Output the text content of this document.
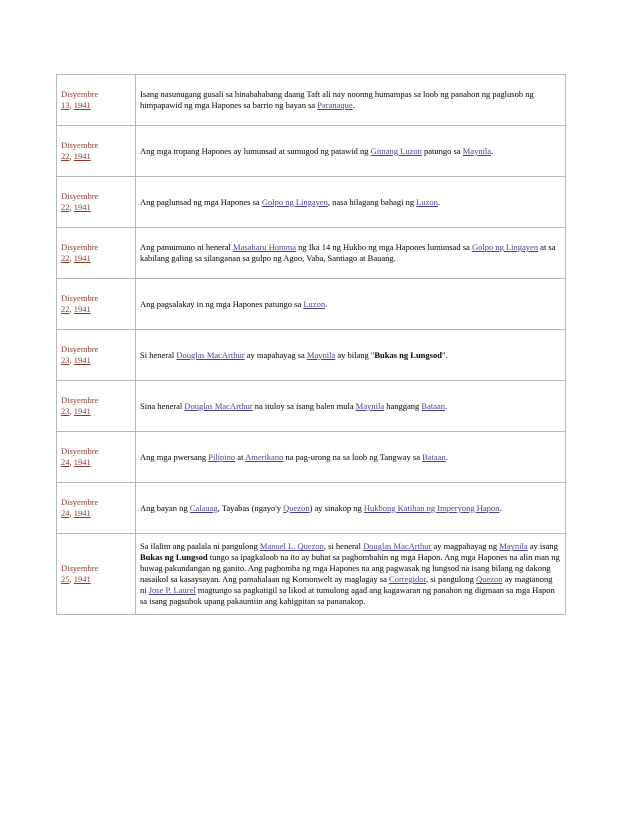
Disyembre
13, 1941	Isang nasunugang gusali sa hinabahabang daang Taft ali nay noonng humampas sa loob ng panahon ng paglusob ng himpapawid ng mga Hapones sa barrio ng bayan sa Paranaque.
Disyembre
22, 1941	Ang mga tropang Hapones ay lumunsad at sumugod ng patawid ng Gitnang Luzon patungo sa Maynila.
Disyembre
22, 1941	Ang paglunsad ng mga Hapones sa Golpo ng Lingayen, nasa hilagang bahagi ng Luzon.
Disyembre
22, 1941	Ang pamumuno ni heneral Masaharu Homma ng Ika 14 ng Hukbo ng mga Hapones lumunsad sa Golpo ng Lingayen at sa kabilang galing sa silanganan sa gulpo ng Agoo, Vaba, Santiago at Bauang.
Disyembre
22, 1941	Ang pagsalakay in ng mga Hapones patungo sa Luzon.
Disyembre
23, 1941	Si heneral Douglas MacArthur ay mapahayag sa Maynila ay bilang "Bukas ng Lungsod".
Disyembre
23, 1941	Sina heneral Douglas MacArthur na ituloy sa isang balen mula Maynila hanggang Bataan.
Disyembre
24, 1941	Ang mga pwersang Pilipino at Amerikano na pag-urong na sa loob ng Tangway sa Bataan.
Disyembre
24, 1941	Ang bayan ng Calauag, Tayabas (ngayo'y Quezon) ay sinakop ng Hukbong Katihan ng Imperyong Hapon.
Disyembre
25, 1941	Sa ilalim ang paalala ni pangulong Manuel L. Quezon, si heneral Douglas MacArthur ay magpahayag ng Maynila ay isang Bukas ng Lungsod tungo sa ipagkaloob na ito ay buhat sa pagbombahin ng mga Hapon. Ang mga Hapones na alin man ng huwag pakundangan ng ganito. Ang pagbomba ng mga Hapones na ang pagwasak ng lungsod na isang bilang ng dakong nasaikol sa kasaysayan. Ang pamahalaan ng Komonwelt ay maglagay sa Corregidor, si pangulong Quezon ay magtanong ni Jose P. Laurel magtungo sa pagkatigil sa likod at tumulong agad ang kagawaran ng panahon ng digmaan sa mga Hapon sa isang pagsubok upang pakauntiin ang kahigpitan sa pananakop.
